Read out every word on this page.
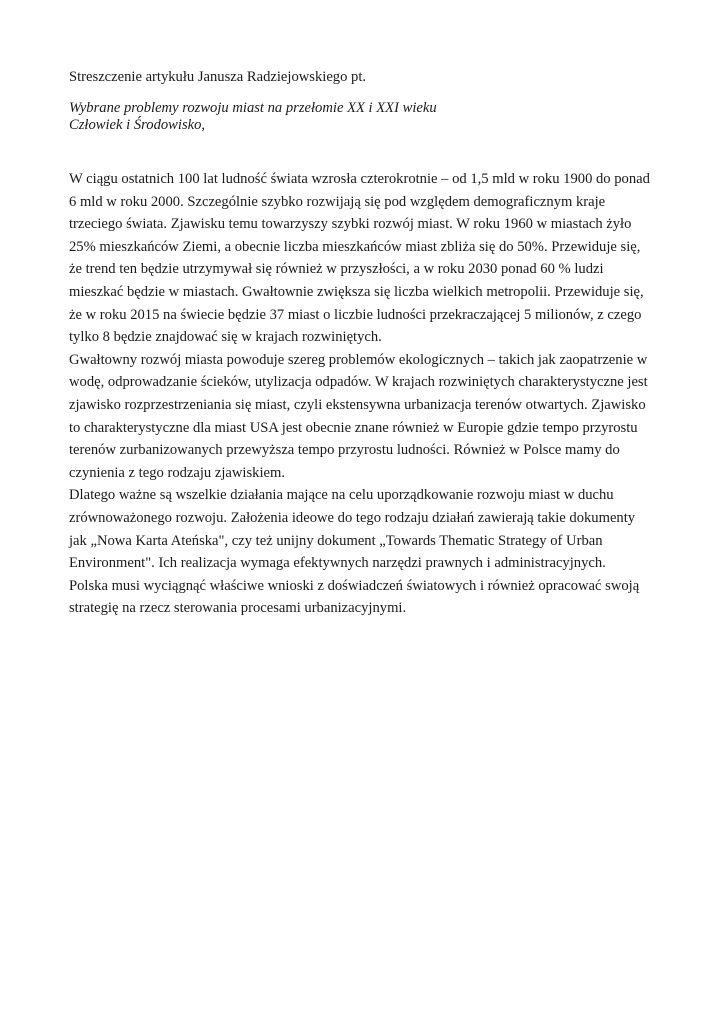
Streszczenie artykułu Janusza Radziejowskiego pt.

Wybrane problemy rozwoju miast na przełomie XX i XXI wieku
Człowiek i Środowisko,
W ciągu ostatnich 100 lat ludność świata wzrosła czterokrotnie – od 1,5 mld w roku 1900 do ponad
6 mld w roku 2000. Szczególnie szybko rozwijają się pod względem demograficznym kraje
trzeciego świata. Zjawisku temu towarzyszy szybki rozwój miast. W roku 1960 w miastach żyło
25% mieszkańców Ziemi, a obecnie liczba mieszkańców miast zbliża się do 50%. Przewiduje się,
że trend ten będzie utrzymywał się również w przyszłości, a w roku 2030 ponad 60 % ludzi
mieszkać będzie w miastach. Gwałtownie zwiększa się liczba wielkich metropolii. Przewiduje się,
że w roku 2015 na świecie będzie 37 miast o liczbie ludności przekraczającej 5 milionów, z czego
tylko 8 będzie znajdować się w krajach rozwiniętych.
Gwałtowny rozwój miasta powoduje szereg problemów ekologicznych – takich jak zaopatrzenie w
wodę, odprowadzanie ścieków, utylizacja odpadów. W krajach rozwiniętych charakterystyczne jest
zjawisko rozprzestrzeniania się miast, czyli ekstensywna urbanizacja terenów otwartych. Zjawisko
to charakterystyczne dla miast USA jest obecnie znane również w Europie gdzie tempo przyrostu
terenów zurbanizowanych przewyższa tempo przyrostu ludności. Również w Polsce mamy do
czynienia z tego rodzaju zjawiskiem.
Dlatego ważne są wszelkie działania mające na celu uporządkowanie rozwoju miast w duchu
zrównoważonego rozwoju. Założenia ideowe do tego rodzaju działań zawierają takie dokumenty
jak „Nowa Karta Ateńska", czy też unijny dokument „Towards Thematic Strategy of Urban
Environment". Ich realizacja wymaga efektywnych narzędzi prawnych i administracyjnych.
Polska musi wyciągnąć właściwe wnioski z doświadczeń światowych i również opracować swoją
strategię na rzecz sterowania procesami urbanizacyjnymi.
